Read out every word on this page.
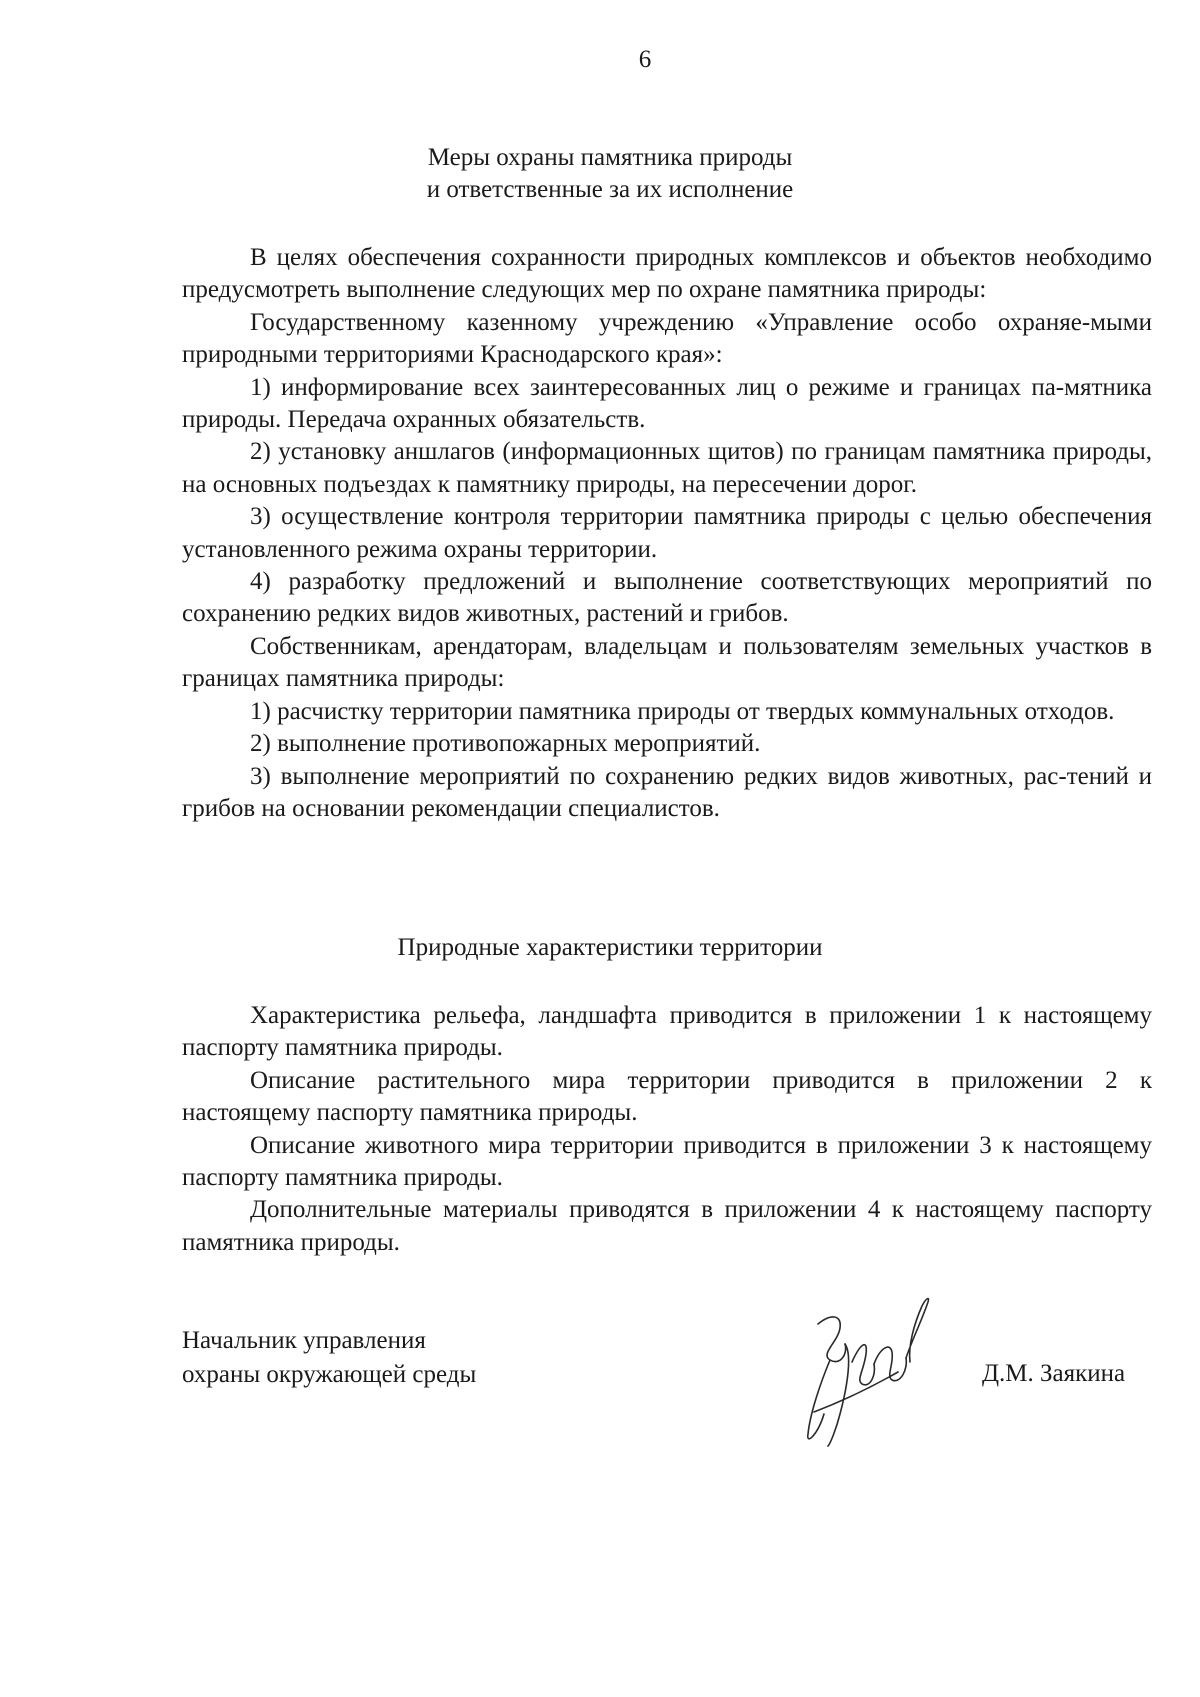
6
Меры охраны памятника природы
и ответственные за их исполнение

В целях обеспечения сохранности природных комплексов и объектов необходимо предусмотреть выполнение следующих мер по охране памятника природы:

Государственному казенному учреждению «Управление особо охраняе-мыми природными территориями Краснодарского края»:

1) информирование всех заинтересованных лиц о режиме и границах па-мятника природы. Передача охранных обязательств.

2) установку аншлагов (информационных щитов) по границам памятника природы, на основных подъездах к памятнику природы, на пересечении дорог.

3) осуществление контроля территории памятника природы с целью обеспечения установленного режима охраны территории.

4) разработку предложений и выполнение соответствующих мероприятий по сохранению редких видов животных, растений и грибов.

Собственникам, арендаторам, владельцам и пользователям земельных участков в границах памятника природы:

1) расчистку территории памятника природы от твердых коммунальных отходов.

2) выполнение противопожарных мероприятий.

3) выполнение мероприятий по сохранению редких видов животных, рас-тений и грибов на основании рекомендации специалистов.

Природные характеристики территории

Характеристика рельефа, ландшафта приводится в приложении 1 к настоящему паспорту памятника природы.

Описание растительного мира территории приводится в приложении 2 к настоящему паспорту памятника природы.

Описание животного мира территории приводится в приложении 3 к настоящему паспорту памятника природы.

Дополнительные материалы приводятся в приложении 4 к настоящему паспорту памятника природы.

Начальник управления
охраны окружающей среды	Д.М. Заякина
